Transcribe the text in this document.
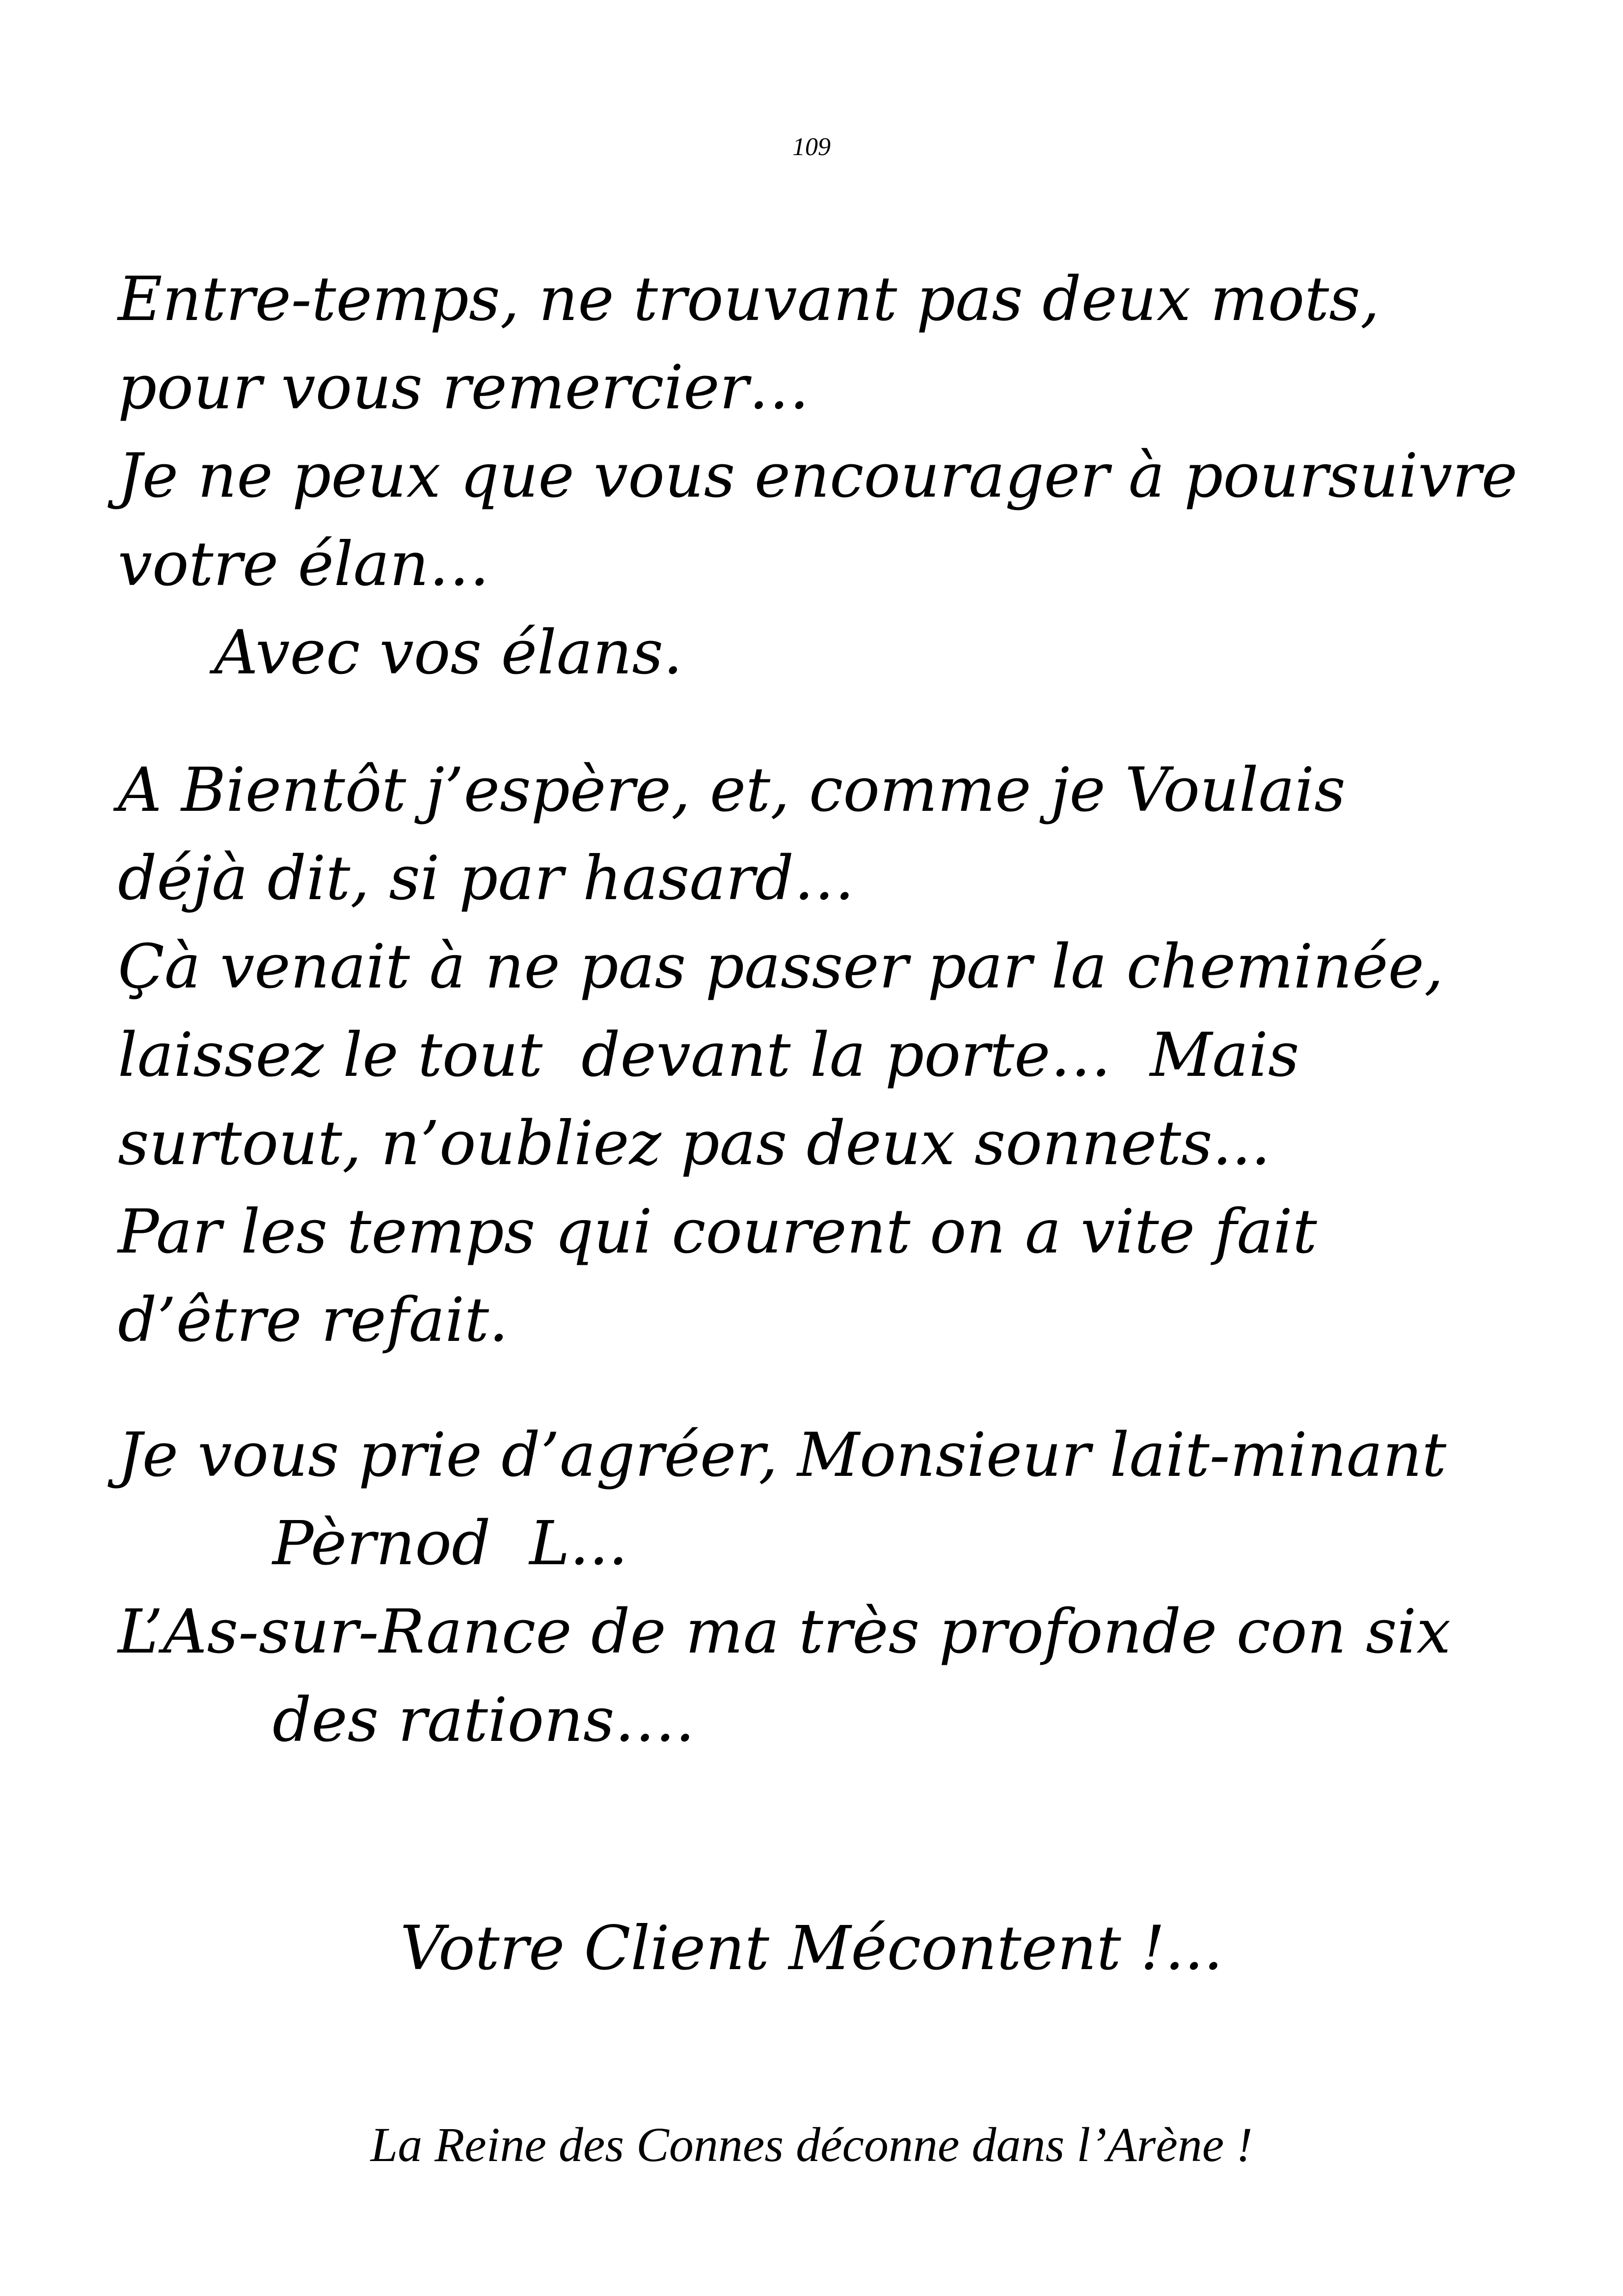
109
Entre-temps, ne trouvant pas deux mots,
pour vous remercier…
Je ne peux que vous encourager à poursuivre
votre élan…
Avec vos élans.
A Bientôt j’espère, et, comme je Voulais
déjà dit, si par hasard…
Çà venait à ne pas passer par la cheminée,
laissez le tout  devant la porte…  Mais
surtout, n’oubliez pas deux sonnets...
Par les temps qui courent on a vite fait
d’être refait.
Je vous prie d’agréer, Monsieur lait-minant
Pèrnod  L...
L’As-sur-Rance de ma très profonde con six
des rations….
Votre Client Mécontent !...
La Reine des Connes déconne dans l’Arène !
